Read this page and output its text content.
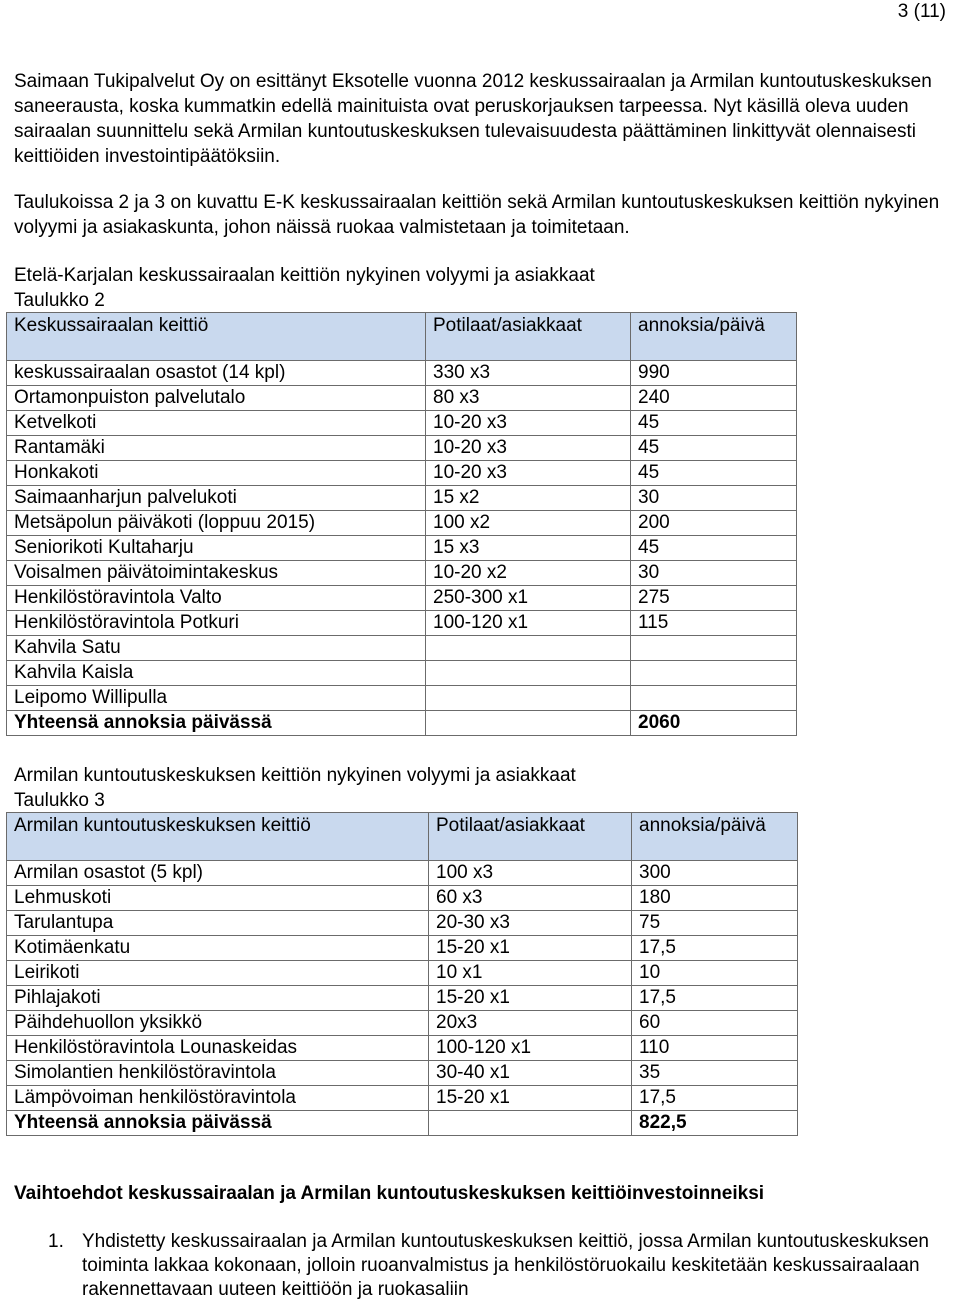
3 (11)

Saimaan Tukipalvelut Oy on esittänyt Eksotelle vuonna 2012 keskussairaalan ja Armilan kuntoutuskeskuksen saneerausta, koska kummatkin edellä mainituista ovat peruskorjauksen tarpeessa. Nyt käsillä oleva uuden sairaalan suunnittelu sekä Armilan kuntoutuskeskuksen tulevaisuudesta päättäminen linkittyvät olennaisesti keittiöiden investointipäätöksiin.

Taulukoissa 2 ja 3 on kuvattu E-K keskussairaalan keittiön sekä Armilan kuntoutuskeskuksen keittiön nykyinen volyymi ja asiakaskunta, johon näissä ruokaa valmistetaan ja toimitetaan.

Etelä-Karjalan keskussairaalan keittiön nykyinen volyymi ja asiakkaat

Taulukko 2

Keskussairaalan keittiö	Potilaat/asiakkaat	annoksia/päivä
keskussairaalan osastot (14 kpl)	330 x3	990
Ortamonpuiston palvelutalo	80 x3	240
Ketvelkoti	10-20 x3	45
Rantamäki	10-20 x3	45
Honkakoti	10-20 x3	45
Saimaanharjun palvelukoti	15 x2	30
Metsäpolun päiväkoti (loppuu 2015)	100 x2	200
Seniorikoti Kultaharju	15 x3	45
Voisalmen päivätoimintakeskus	10-20 x2	30
Henkilöstöravintola Valto	250-300 x1	275
Henkilöstöravintola Potkuri	100-120 x1	115
Kahvila Satu		
Kahvila Kaisla		
Leipomo Willipulla		
Yhteensä annoksia päivässä		2060

Armilan kuntoutuskeskuksen keittiön nykyinen volyymi ja asiakkaat

Taulukko 3

Armilan kuntoutuskeskuksen keittiö	Potilaat/asiakkaat	annoksia/päivä
Armilan osastot (5 kpl)	100 x3	300
Lehmuskoti	60 x3	180
Tarulantupa	20-30 x3	75
Kotimäenkatu	15-20 x1	17,5
Leirikoti	10 x1	10
Pihlajakoti	15-20 x1	17,5
Päihdehuollon yksikkö	20x3	60
Henkilöstöravintola Lounaskeidas	100-120 x1	110
Simolantien henkilöstöravintola	30-40 x1	35
Lämpövoiman henkilöstöravintola	15-20 x1	17,5
Yhteensä annoksia päivässä		822,5

Vaihtoehdot keskussairaalan ja Armilan kuntoutuskeskuksen keittiöinvestoinneiksi

1. Yhdistetty keskussairaalan ja Armilan kuntoutuskeskuksen keittiö, jossa Armilan kuntoutuskeskuksen toiminta lakkaa kokonaan, jolloin ruoanvalmistus ja henkilöstöruokailu keskitetään keskussairaalaan rakennettavaan uuteen keittiöön ja ruokasaliin
